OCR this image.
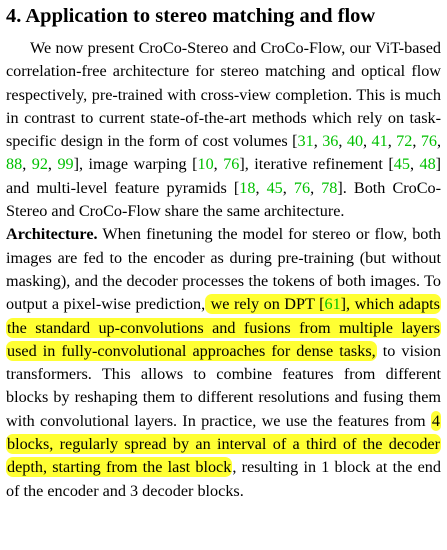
4. Application to stereo matching and flow

We now present CroCo-Stereo and CroCo-Flow, our ViT-based correlation-free architecture for stereo matching and optical flow respectively, pre-trained with cross-view completion. This is much in contrast to current state-of-the-art methods which rely on task-specific design in the form of cost volumes [31, 36, 40, 41, 72, 76, 88, 92, 99], image warping [10, 76], iterative refinement [45, 48] and multi-level feature pyramids [18, 45, 76, 78]. Both CroCo-Stereo and CroCo-Flow share the same architecture.

Architecture. When finetuning the model for stereo or flow, both images are fed to the encoder as during pre-training (but without masking), and the decoder processes the tokens of both images. To output a pixel-wise prediction, we rely on DPT [61], which adapts the standard up-convolutions and fusions from multiple layers used in fully-convolutional approaches for dense tasks, to vision transformers. This allows to combine features from different blocks by reshaping them to different resolutions and fusing them with convolutional layers. In practice, we use the features from 4 blocks, regularly spread by an interval of a third of the decoder depth, starting from the last block, resulting in 1 block at the end of the encoder and 3 decoder blocks.
